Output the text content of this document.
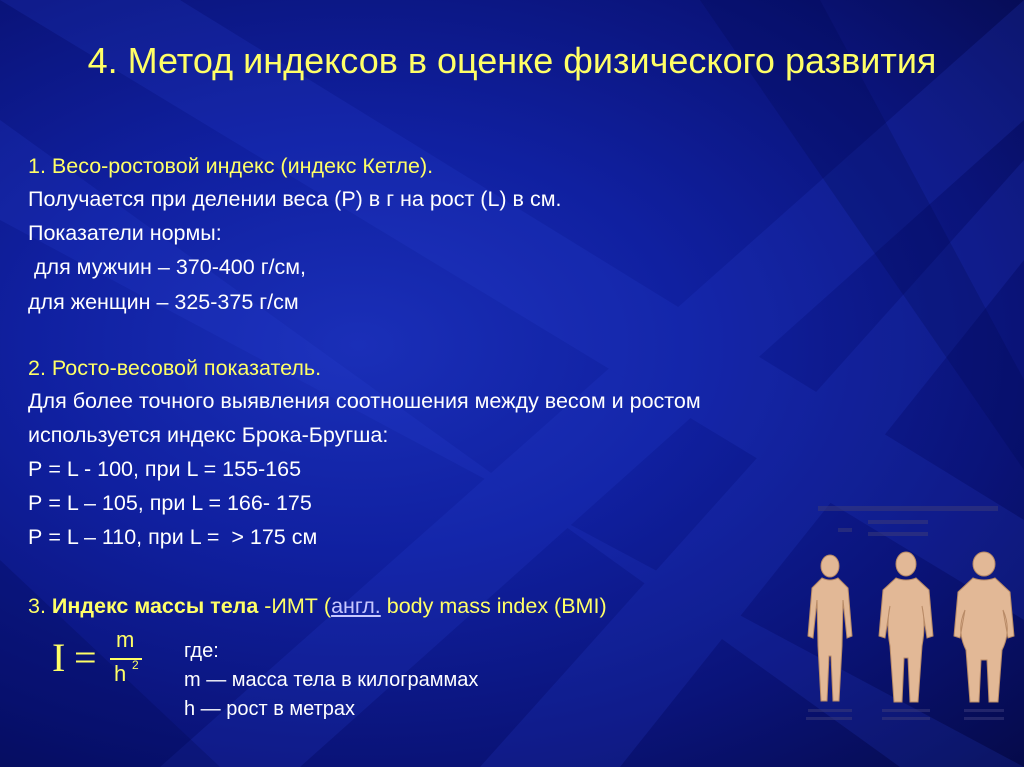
4. Метод индексов в оценке физического развития
1. Весо-ростовой индекс (индекс Кетле).
Получается при делении веса (Р) в г на рост (L) в см.
Показатели нормы:
для мужчин – 370-400 г/см,
для женщин – 325-375 г/см
2. Росто-весовой показатель.
Для более точного выявления соотношения между весом и ростом
используется индекс Брока-Бругша:
Р = L - 100, при L = 155-165
Р = L – 105, при L = 166- 175
Р = L – 110, при L =  > 175 см
3. Индекс массы тела -ИМТ (англ. body mass index (BMI)
I = m
h 2
где:
m — масса тела в килограммах
h — рост в метрах
